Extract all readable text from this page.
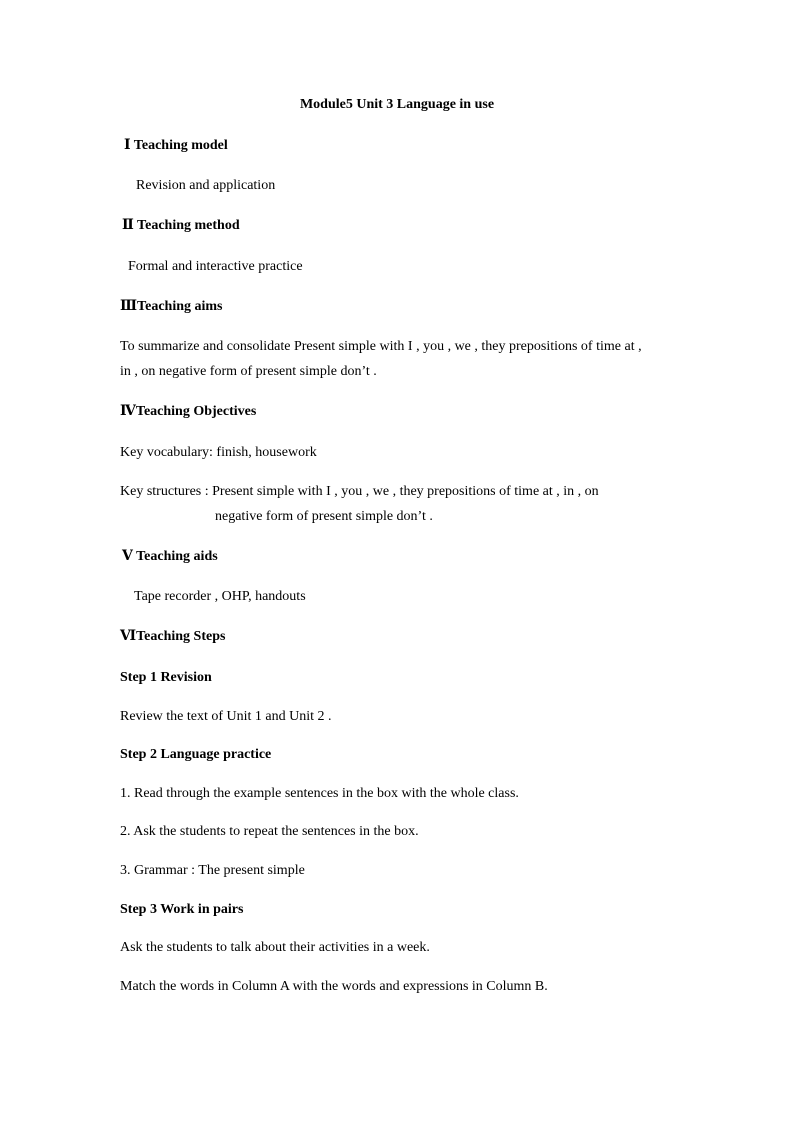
Module5 Unit 3 Language in use
Ⅰ Teaching model
Revision and application
Ⅱ Teaching method
Formal and interactive practice
ⅢTeaching aims
To summarize and consolidate Present simple with I , you , we , they prepositions of time at ,
in , on negative form of present simple don’t .
ⅣTeaching Objectives
Key vocabulary: finish, housework
Key structures : Present simple with I , you , we , they prepositions of time at , in , on
negative form of present simple don’t .
Ⅴ Teaching aids
Tape recorder , OHP, handouts
ⅥTeaching Steps
Step 1 Revision
Review the text of Unit 1 and Unit 2 .
Step 2 Language practice
1. Read through the example sentences in the box with the whole class.
2. Ask the students to repeat the sentences in the box.
3. Grammar : The present simple
Step 3 Work in pairs
Ask the students to talk about their activities in a week.
Match the words in Column A with the words and expressions in Column B.
